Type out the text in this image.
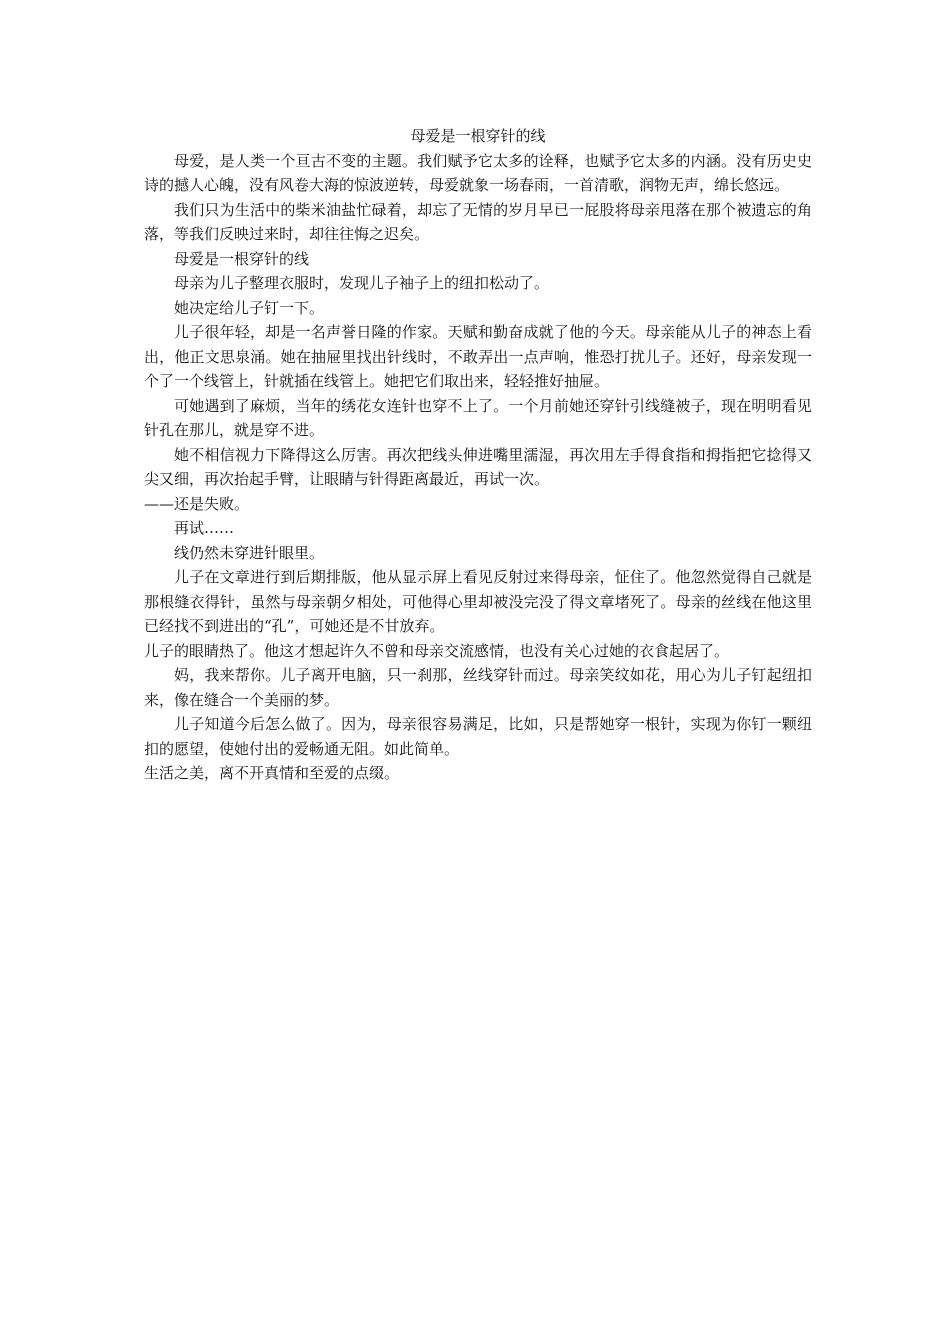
母爱是一根穿针的线

母爱，是人类一个亘古不变的主题。我们赋予它太多的诠释，也赋予它太多的内涵。没有历史史诗的撼人心魄，没有风卷大海的惊波逆转，母爱就象一场春雨，一首清歌，润物无声，绵长悠远。

我们只为生活中的柴米油盐忙碌着，却忘了无情的岁月早已一屁股将母亲甩落在那个被遗忘的角落，等我们反映过来时，却往往悔之迟矣。

母爱是一根穿针的线

母亲为儿子整理衣服时，发现儿子袖子上的纽扣松动了。

她决定给儿子钉一下。

儿子很年轻，却是一名声誉日隆的作家。天赋和勤奋成就了他的今天。母亲能从儿子的神态上看出，他正文思泉涌。她在抽屉里找出针线时，不敢弄出一点声响，惟恐打扰儿子。还好，母亲发现一个了一个线管上，针就插在线管上。她把它们取出来，轻轻推好抽屉。

可她遇到了麻烦，当年的绣花女连针也穿不上了。一个月前她还穿针引线缝被子，现在明明看见针孔在那儿，就是穿不进。

她不相信视力下降得这么厉害。再次把线头伸进嘴里濡湿，再次用左手得食指和拇指把它捻得又尖又细，再次抬起手臂，让眼睛与针得距离最近，再试一次。

——还是失败。

再试……

线仍然未穿进针眼里。

儿子在文章进行到后期排版，他从显示屏上看见反射过来得母亲，怔住了。他忽然觉得自己就是那根缝衣得针，虽然与母亲朝夕相处，可他得心里却被没完没了得文章堵死了。母亲的丝线在他这里已经找不到进出的“孔”，可她还是不甘放弃。

儿子的眼睛热了。他这才想起许久不曾和母亲交流感情，也没有关心过她的衣食起居了。

妈，我来帮你。儿子离开电脑，只一刹那，丝线穿针而过。母亲笑纹如花，用心为儿子钉起纽扣来，像在缝合一个美丽的梦。

儿子知道今后怎么做了。因为，母亲很容易满足，比如，只是帮她穿一根针，实现为你钉一颗纽扣的愿望，使她付出的爱畅通无阻。如此简单。

生活之美，离不开真情和至爱的点缀。
